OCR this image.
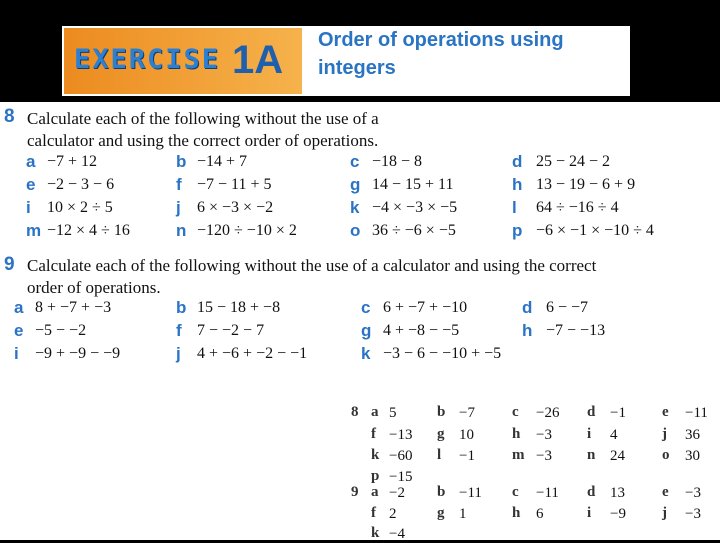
EXERCISE 1A Order of operations using
integers
8 Calculate each of the following without the use of a
calculator and using the correct order of operations.
a −7 + 12	b −14 + 7	c −18 − 8	d 25 − 24 − 2
e −2 − 3 − 6	f −7 − 11 + 5	g 14 − 15 + 11	h 13 − 19 − 6 + 9
i 10 × 2 ÷ 5	j 6 × −3 × −2	k −4 × −3 × −5	l 64 ÷ −16 ÷ 4
m −12 × 4 ÷ 16	n −120 ÷ −10 × 2	o 36 ÷ −6 × −5	p −6 × −1 × −10 ÷ 4
9 Calculate each of the following without the use of a calculator and using the correct
order of operations.
a 8 + −7 + −3	b 15 − 18 + −8	c 6 + −7 + −10	d 6 − −7
e −5 − −2	f 7 − −2 − 7	g 4 + −8 − −5	h −7 − −13
i −9 + −9 − −9	j 4 + −6 + −2 − −1	k −3 − 6 − −10 + −5
8
9
a 5	b −7 c −26 d −1 e −11
f −13 g 10	h −3 i 4	j 36
k −60 l −1 m −3 n 24 o 30
p −15
a −2 b −11 c −11 d 13 e −3
f 2	g 1	h 6	i −9 j −3
k −4
